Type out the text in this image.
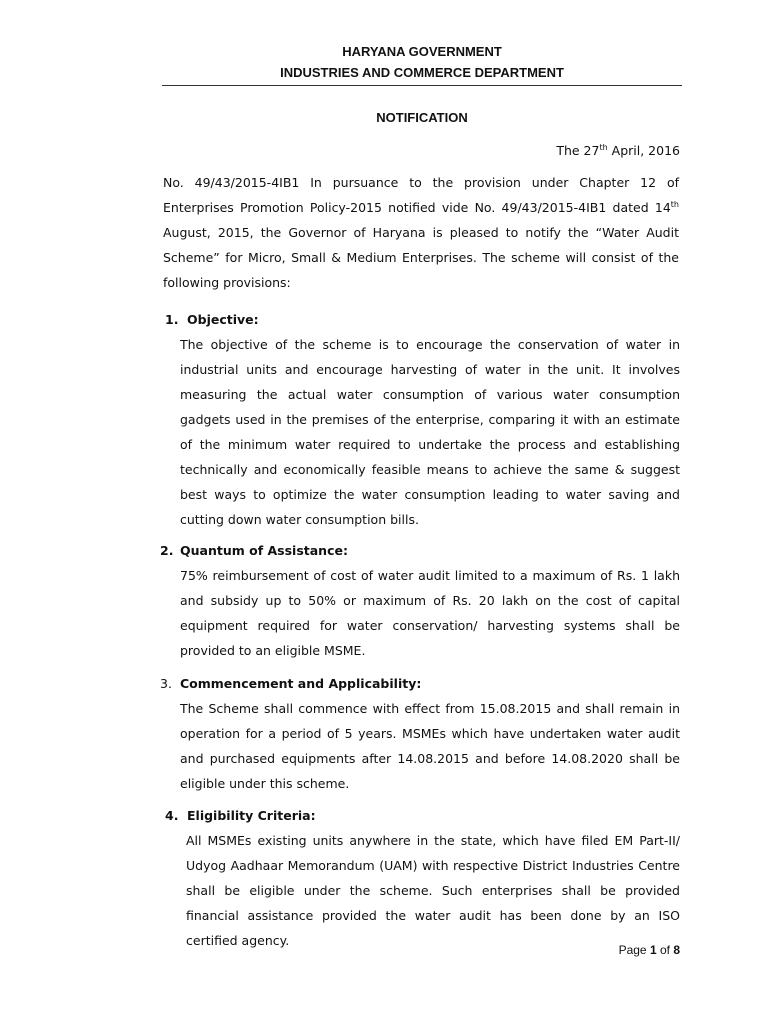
HARYANA GOVERNMENT
INDUSTRIES AND COMMERCE DEPARTMENT
NOTIFICATION
The 27th April, 2016
No. 49/43/2015-4IB1 In pursuance to the provision under Chapter 12 of Enterprises Promotion Policy-2015 notified vide No. 49/43/2015-4IB1 dated 14th August, 2015, the Governor of Haryana is pleased to notify the “Water Audit Scheme” for Micro, Small & Medium Enterprises. The scheme will consist of the following provisions:
1. Objective:
The objective of the scheme is to encourage the conservation of water in industrial units and encourage harvesting of water in the unit. It involves measuring the actual water consumption of various water consumption gadgets used in the premises of the enterprise, comparing it with an estimate of the minimum water required to undertake the process and establishing technically and economically feasible means to achieve the same & suggest best ways to optimize the water consumption leading to water saving and cutting down water consumption bills.
2. Quantum of Assistance:
75% reimbursement of cost of water audit limited to a maximum of Rs. 1 lakh and subsidy up to 50% or maximum of Rs. 20 lakh on the cost of capital equipment required for water conservation/ harvesting systems shall be provided to an eligible MSME.
3. Commencement and Applicability:
The Scheme shall commence with effect from 15.08.2015 and shall remain in operation for a period of 5 years. MSMEs which have undertaken water audit and purchased equipments after 14.08.2015 and before 14.08.2020 shall be eligible under this scheme.
4. Eligibility Criteria:
All MSMEs existing units anywhere in the state, which have filed EM Part-II/ Udyog Aadhaar Memorandum (UAM) with respective District Industries Centre shall be eligible under the scheme. Such enterprises shall be provided financial assistance provided the water audit has been done by an ISO certified agency.
Page 1 of 8
